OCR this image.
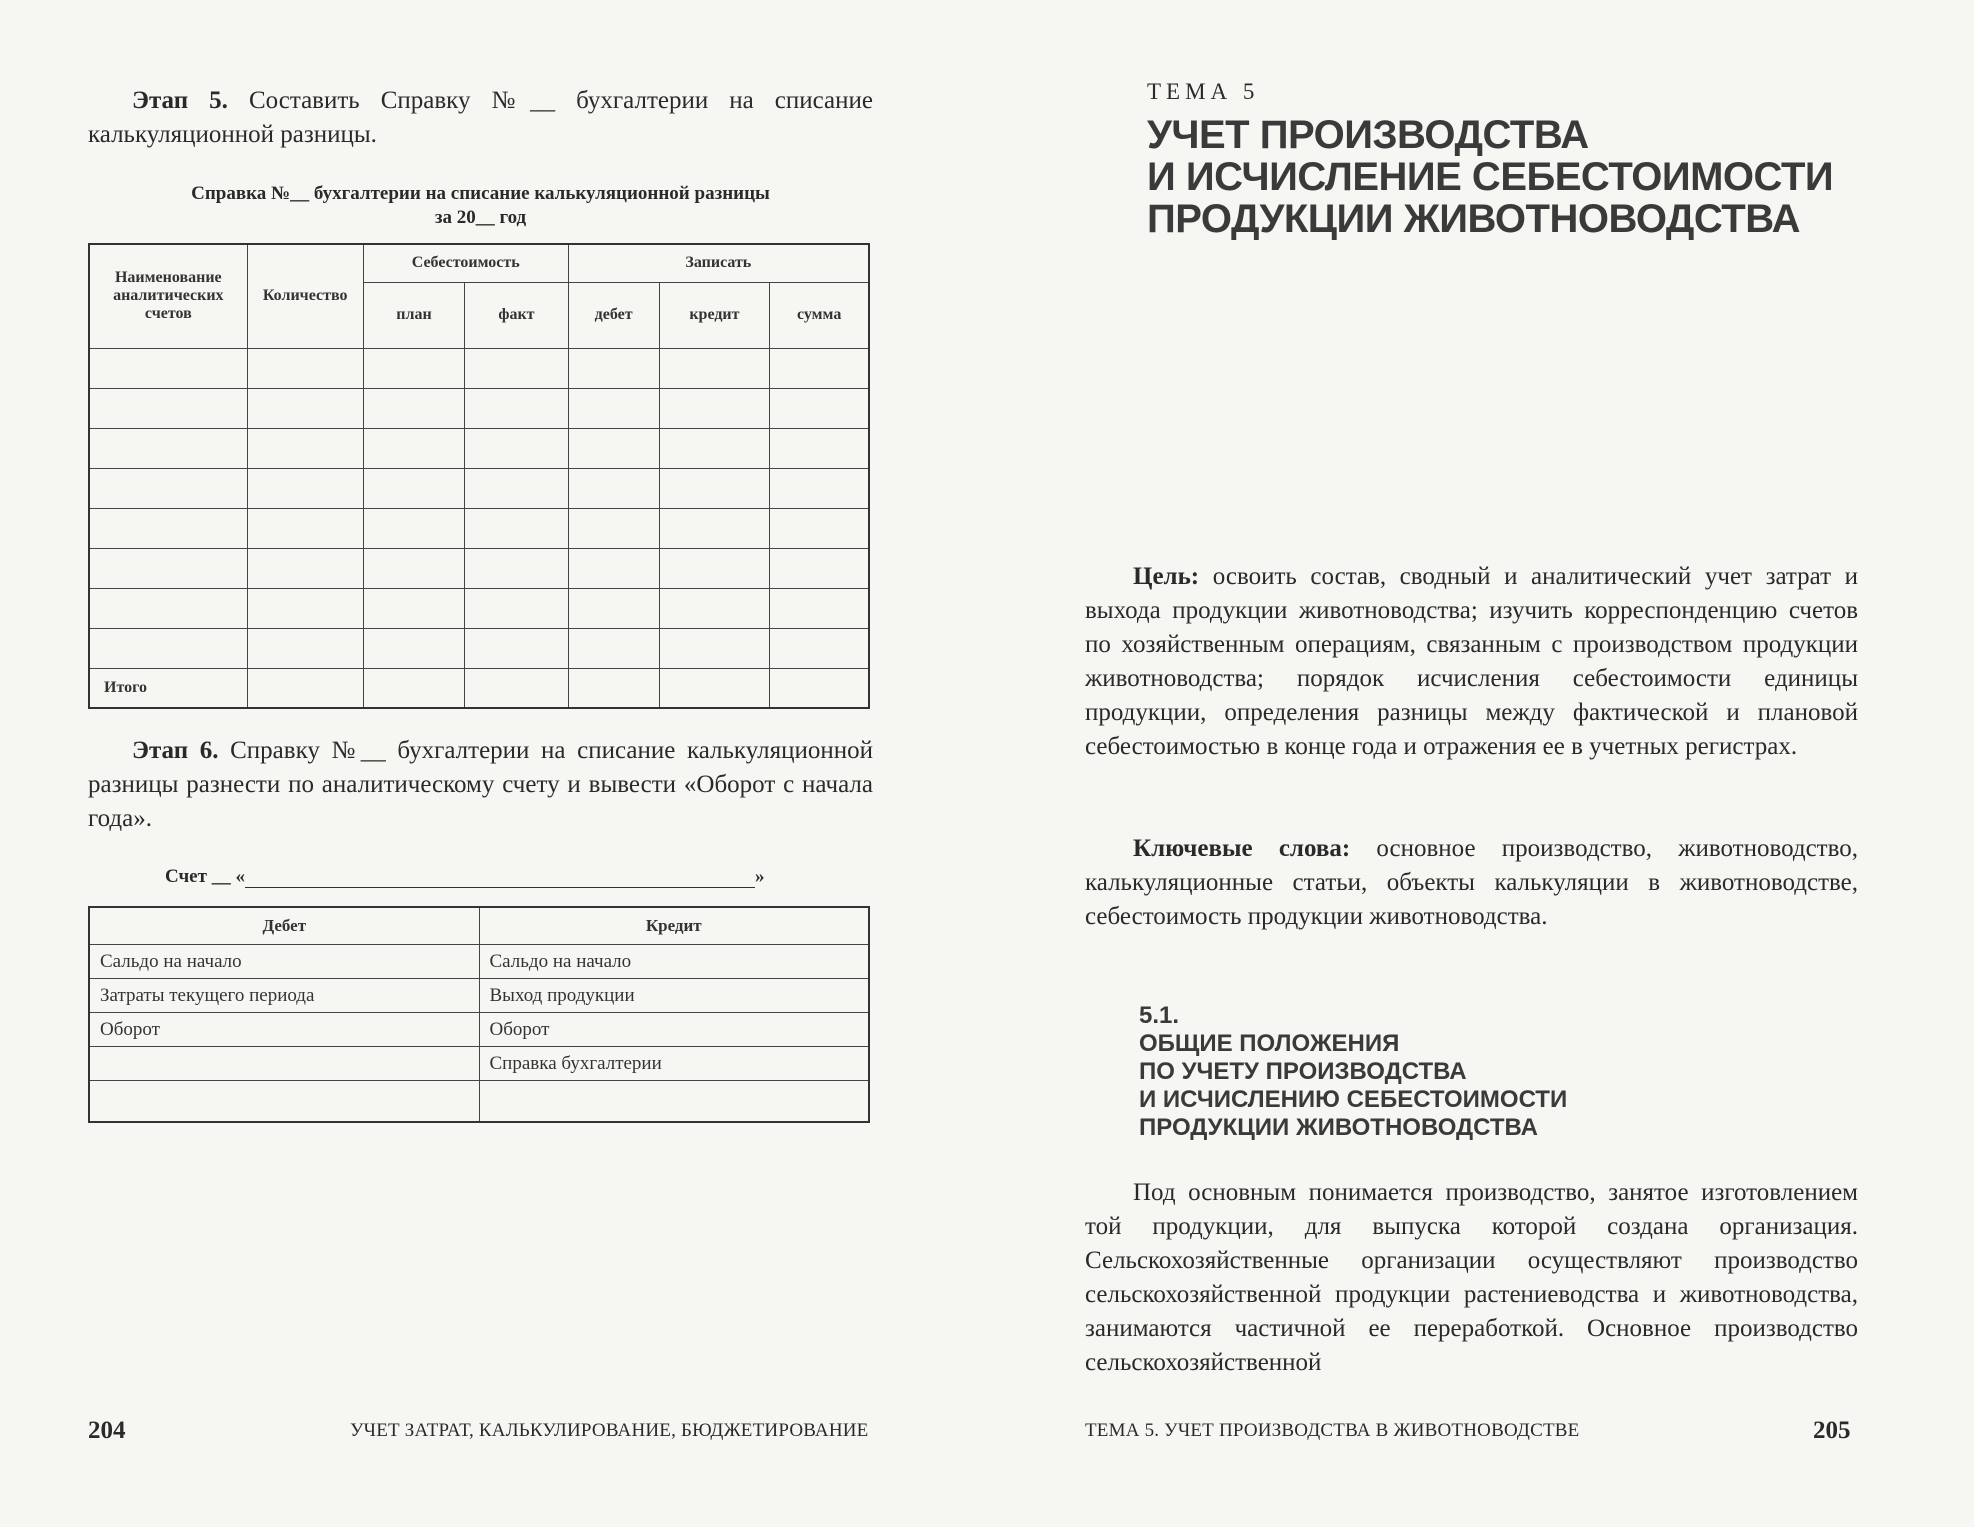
Этап 5. Составить Справку №__ бухгалтерии на списание калькуляционной разницы.

Справка №__ бухгалтерии на списание калькуляционной разницы
за 20__ год
Наименование аналитических счетов	Количество	Себестоимость		Записать		
		план	факт	дебет	кредит	сумма

Итого						

Этап 6. Справку №__ бухгалтерии на списание калькуляционной разницы разнести по аналитическому счету и вывести «Оборот с начала года».

Счет __ «	»
Дебет	Кредит
Сальдо на начало	Сальдо на начало
Затраты текущего периода	Выход продукции
Оборот	Оборот
	Справка бухгалтерии

204	УЧЕТ ЗАТРАТ, КАЛЬКУЛИРОВАНИЕ, БЮДЖЕТИРОВАНИЕ
ТЕМА 5
УЧЕТ ПРОИЗВОДСТВА
И ИСЧИСЛЕНИЕ СЕБЕСТОИМОСТИ
ПРОДУКЦИИ ЖИВОТНОВОДСТВА

Цель: освоить состав, сводный и аналитический учет затрат и выхода продукции животноводства; изучить корреспонденцию счетов по хозяйственным операциям, связанным с производством продукции животноводства; порядок исчисления себестоимости единицы продукции, определения разницы между фактической и плановой себестоимостью в конце года и отражения ее в учетных регистрах.

Ключевые слова: основное производство, животноводство, калькуляционные статьи, объекты калькуляции в животноводстве, себестоимость продукции животноводства.

5.1.
ОБЩИЕ ПОЛОЖЕНИЯ
ПО УЧЕТУ ПРОИЗВОДСТВА
И ИСЧИСЛЕНИЮ СЕБЕСТОИМОСТИ
ПРОДУКЦИИ ЖИВОТНОВОДСТВА

Под основным понимается производство, занятое изготовлением той продукции, для выпуска которой создана организация. Сельскохозяйственные организации осуществляют производство сельскохозяйственной продукции растениеводства и животноводства, занимаются частичной ее переработкой. Основное производство сельскохозяйственной

ТЕМА 5. УЧЕТ ПРОИЗВОДСТВА В ЖИВОТНОВОДСТВЕ	205
